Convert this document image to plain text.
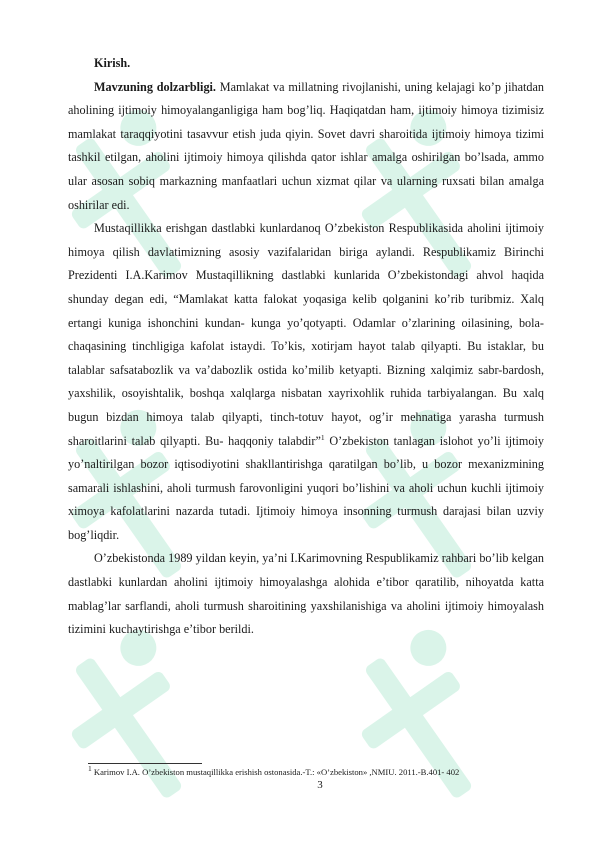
Kirish.

Mavzuning dolzarbligi. Mamlakat va millatning rivojlanishi, uning kelajagi ko’p jihatdan aholining ijtimoiy himoyalanganligiga ham bog’liq. Haqiqatdan ham, ijtimoiy himoya tizimisiz mamlakat taraqqiyotini tasavvur etish juda qiyin. Sovet davri sharoitida ijtimoiy himoya tizimi tashkil etilgan, aholini ijtimoiy himoya qilishda qator ishlar amalga oshirilgan bo’lsada, ammo ular asosan sobiq markazning manfaatlari uchun xizmat qilar va ularning ruxsati bilan amalga oshirilar edi.

Mustaqillikka erishgan dastlabki kunlardanoq O’zbekiston Respublikasida aholini ijtimoiy himoya qilish davlatimizning asosiy vazifalaridan biriga aylandi. Respublikamiz Birinchi Prezidenti I.A.Karimov Mustaqillikning dastlabki kunlarida O’zbekistondagi ahvol haqida shunday degan edi, “Mamlakat katta falokat yoqasiga kelib qolganini ko’rib turibmiz. Xalq ertangi kuniga ishonchini kundan- kunga yo’qotyapti. Odamlar o’zlarining oilasining, bola-chaqasining tinchligiga kafolat istaydi. To’kis, xotirjam hayot talab qilyapti. Bu istaklar, bu talablar safsatabozlik va va’dabozlik ostida ko’milib ketyapti. Bizning xalqimiz sabr-bardosh, yaxshilik, osoyishtalik, boshqa xalqlarga nisbatan xayrixohlik ruhida tarbiyalangan. Bu xalq bugun bizdan himoya talab qilyapti, tinch-totuv hayot, og’ir mehnatiga yarasha turmush sharoitlarini talab qilyapti. Bu- haqqoniy talabdir”$^1$ O’zbekiston tanlagan islohot yo’li ijtimoiy yo’naltirilgan bozor iqtisodiyotini shakllantirishga qaratilgan bo’lib, u bozor mexanizmining samarali ishlashini, aholi turmush farovonligini yuqori bo’lishini va aholi uchun kuchli ijtimoiy ximoya kafolatlarini nazarda tutadi. Ijtimoiy himoya insonning turmush darajasi bilan uzviy bog’liqdir.

O’zbekistonda 1989 yildan keyin, ya’ni I.Karimovning Respublikamiz rahbari bo’lib kelgan dastlabki kunlardan aholini ijtimoiy himoyalashga alohida e’tibor qaratilib, nihoyatda katta mablag’lar sarflandi, aholi turmush sharoitining yaxshilanishiga va aholini ijtimoiy himoyalash tizimini kuchaytirishga e’tibor berildi.

$^1$ Karimov I.A. O’zbekiston mustaqillikka erishish ostonasida.-T.: «O’zbekiston» ,NMIU. 2011.-B.401- 402
3
